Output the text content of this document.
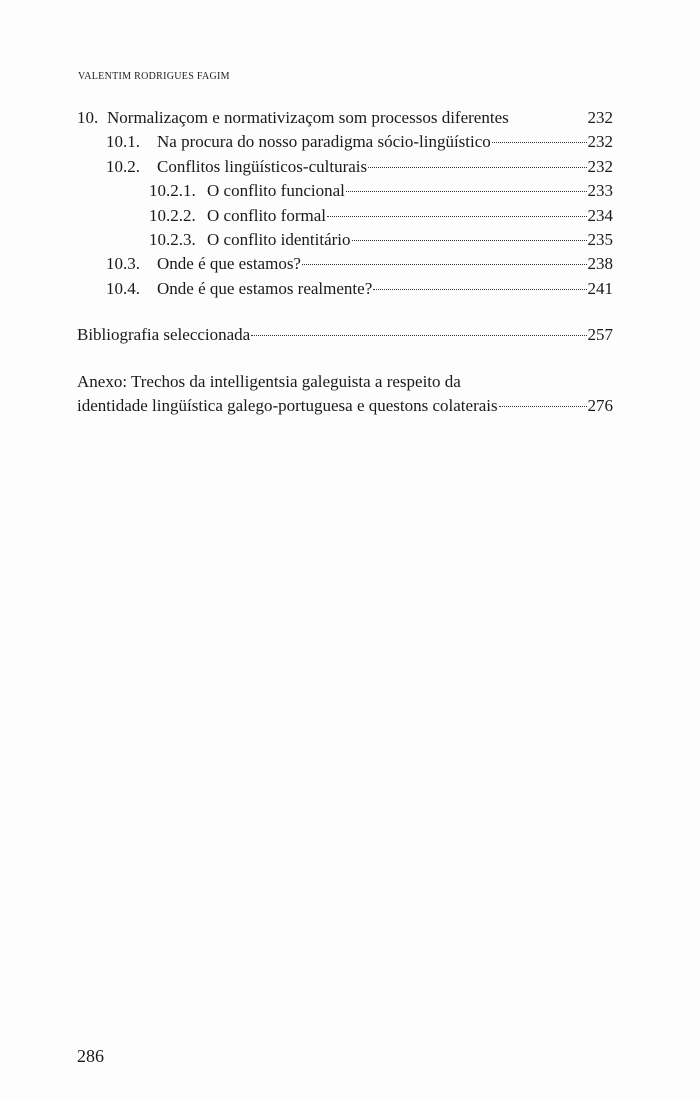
VALENTIM RODRIGUES FAGIM
10. Normalizaçom e normativizaçom som processos diferentes	232
10.1.	Na procura do nosso paradigma sócio-lingüístico	232
10.2.	Conflitos lingüísticos-culturais	232
10.2.1. O conflito funcional	233
10.2.2. O conflito formal	234
10.2.3. O conflito identitário	235
10.3.	Onde é que estamos?	238
10.4.	Onde é que estamos realmente?	241
Bibliografia seleccionada	257
Anexo: Trechos da intelligentsia galeguista a respeito da
identidade lingüística galego-portuguesa e questons colaterais	276
286
